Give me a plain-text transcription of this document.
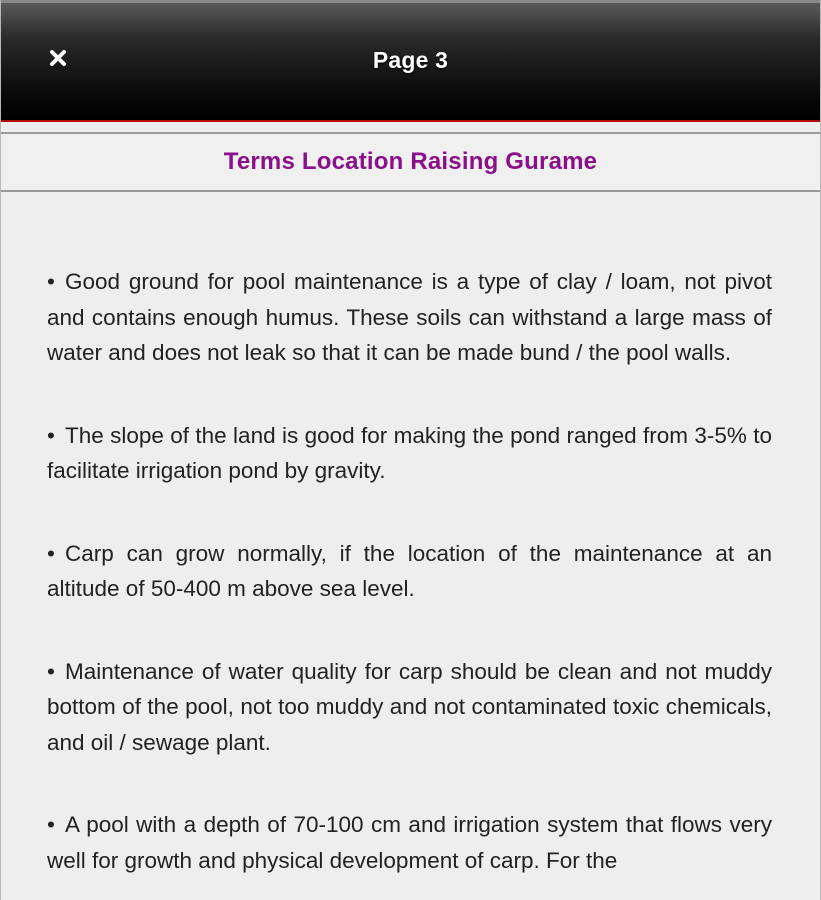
Page 3
Terms Location Raising Gurame

• Good ground for pool maintenance is a type of clay / loam, not pivot and contains enough humus. These soils can withstand a large mass of water and does not leak so that it can be made bund / the pool walls.

• The slope of the land is good for making the pond ranged from 3-5% to facilitate irrigation pond by gravity.

• Carp can grow normally, if the location of the maintenance at an altitude of 50-400 m above sea level.

• Maintenance of water quality for carp should be clean and not muddy bottom of the pool, not too muddy and not contaminated toxic chemicals, and oil / sewage plant.

• A pool with a depth of 70-100 cm and irrigation system that flows very well for growth and physical development of carp. For the
